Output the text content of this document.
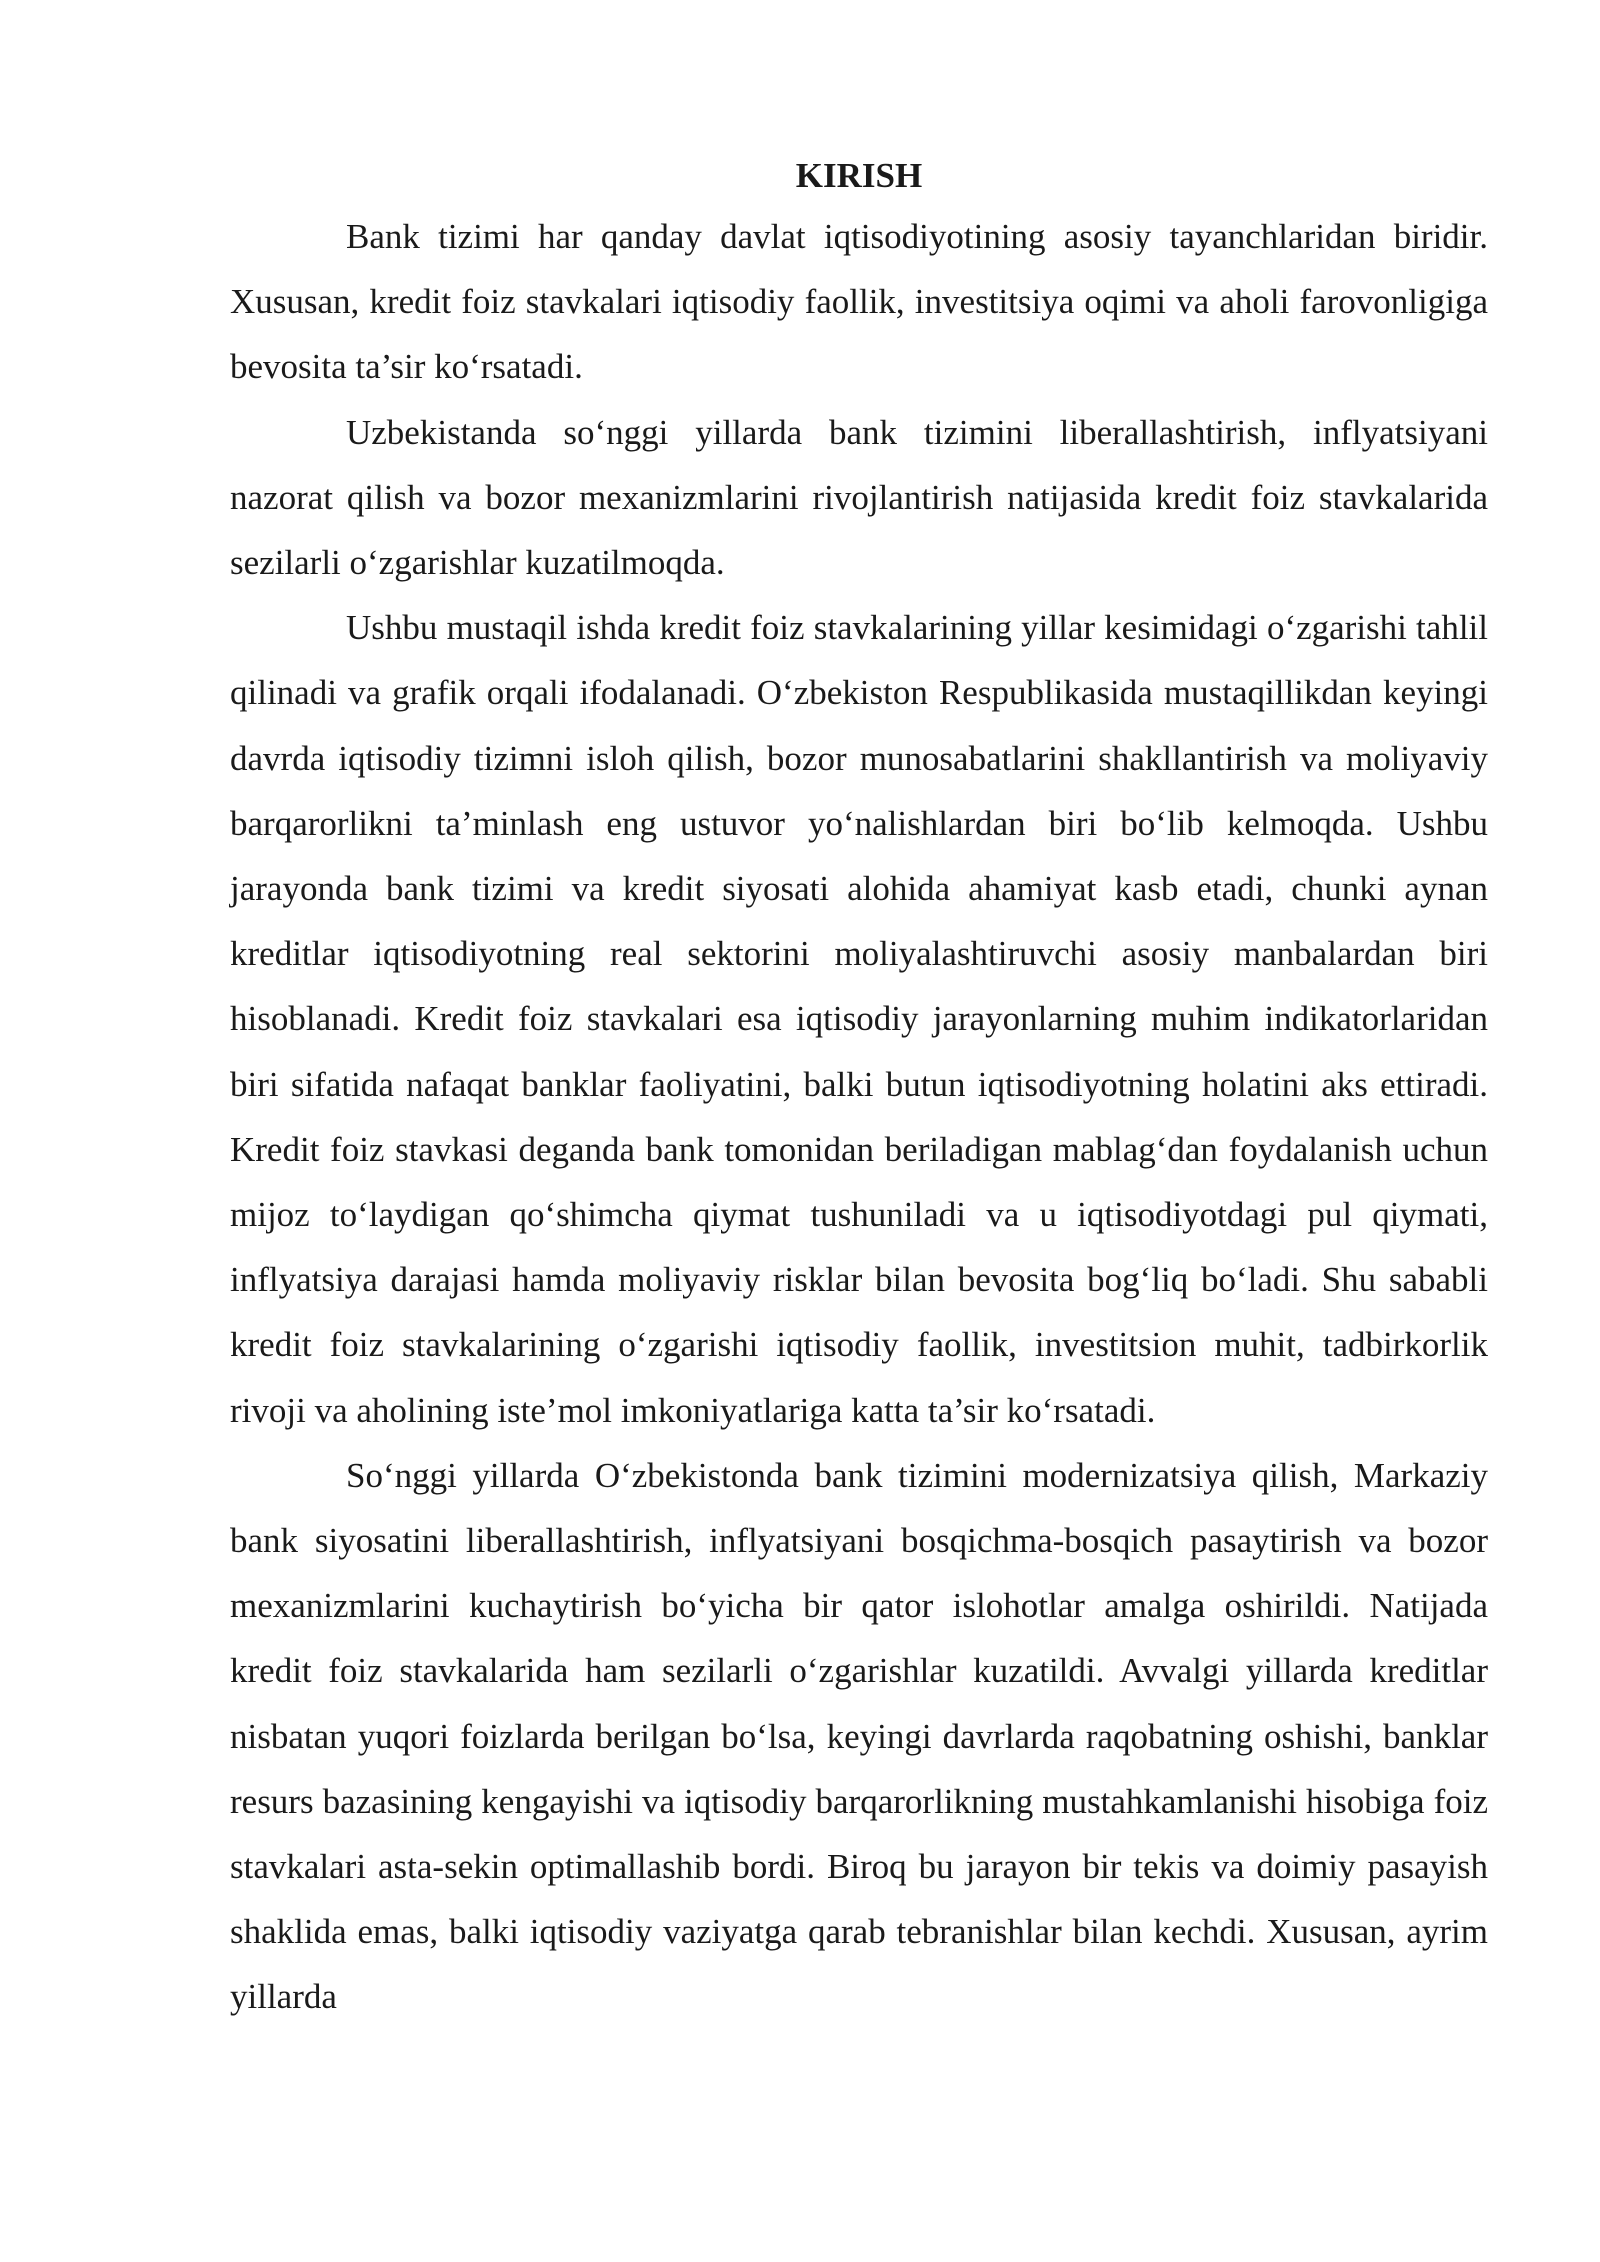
KIRISH

Bank tizimi har qanday davlat iqtisodiyotining asosiy tayanchlaridan biridir. Xususan, kredit foiz stavkalari iqtisodiy faollik, investitsiya oqimi va aholi farovonligiga bevosita ta’sir ko‘rsatadi.

Uzbekistanda so‘nggi yillarda bank tizimini liberallashtirish, inflyatsiyani nazorat qilish va bozor mexanizmlarini rivojlantirish natijasida kredit foiz stavkalarida sezilarli o‘zgarishlar kuzatilmoqda.

Ushbu mustaqil ishda kredit foiz stavkalarining yillar kesimidagi o‘zgarishi tahlil qilinadi va grafik orqali ifodalanadi. O‘zbekiston Respublikasida mustaqillikdan keyingi davrda iqtisodiy tizimni isloh qilish, bozor munosabatlarini shakllantirish va moliyaviy barqarorlikni ta’minlash eng ustuvor yo‘nalishlardan biri bo‘lib kelmoqda. Ushbu jarayonda bank tizimi va kredit siyosati alohida ahamiyat kasb etadi, chunki aynan kreditlar iqtisodiyotning real sektorini moliyalashtiruvchi asosiy manbalardan biri hisoblanadi. Kredit foiz stavkalari esa iqtisodiy jarayonlarning muhim indikatorlaridan biri sifatida nafaqat banklar faoliyatini, balki butun iqtisodiyotning holatini aks ettiradi. Kredit foiz stavkasi deganda bank tomonidan beriladigan mablag‘dan foydalanish uchun mijoz to‘laydigan qo‘shimcha qiymat tushuniladi va u iqtisodiyotdagi pul qiymati, inflyatsiya darajasi hamda moliyaviy risklar bilan bevosita bog‘liq bo‘ladi. Shu sababli kredit foiz stavkalarining o‘zgarishi iqtisodiy faollik, investitsion muhit, tadbirkorlik rivoji va aholining iste’mol imkoniyatlariga katta ta’sir ko‘rsatadi.

So‘nggi yillarda O‘zbekistonda bank tizimini modernizatsiya qilish, Markaziy bank siyosatini liberallashtirish, inflyatsiyani bosqichma-bosqich pasaytirish va bozor mexanizmlarini kuchaytirish bo‘yicha bir qator islohotlar amalga oshirildi. Natijada kredit foiz stavkalarida ham sezilarli o‘zgarishlar kuzatildi. Avvalgi yillarda kreditlar nisbatan yuqori foizlarda berilgan bo‘lsa, keyingi davrlarda raqobatning oshishi, banklar resurs bazasining kengayishi va iqtisodiy barqarorlikning mustahkamlanishi hisobiga foiz stavkalari asta-sekin optimallashib bordi. Biroq bu jarayon bir tekis va doimiy pasayish shaklida emas, balki iqtisodiy vaziyatga qarab tebranishlar bilan kechdi. Xususan, ayrim yillarda
